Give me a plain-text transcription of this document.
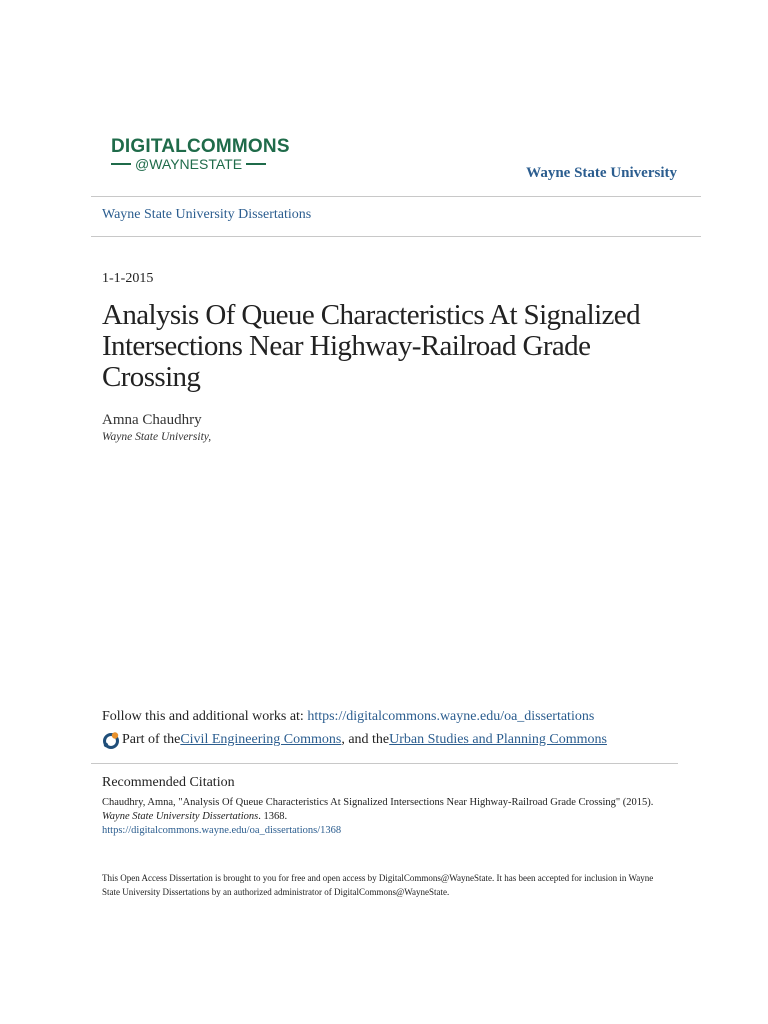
DIGITALCOMMONS
@WAYNESTATE
Wayne State University
Wayne State University Dissertations
1-1-2015
Analysis Of Queue Characteristics At Signalized Intersections Near Highway-Railroad Grade Crossing
Amna Chaudhry
Wayne State University,
Follow this and additional works at: https://digitalcommons.wayne.edu/oa_dissertations
Part of the Civil Engineering Commons , and the Urban Studies and Planning Commons
Recommended Citation
Chaudhry, Amna, "Analysis Of Queue Characteristics At Signalized Intersections Near Highway-Railroad Grade Crossing" (2015).
Wayne State University Dissertations. 1368.
https://digitalcommons.wayne.edu/oa_dissertations/1368
This Open Access Dissertation is brought to you for free and open access by DigitalCommons@WayneState. It has been accepted for inclusion in Wayne State University Dissertations by an authorized administrator of DigitalCommons@WayneState.
